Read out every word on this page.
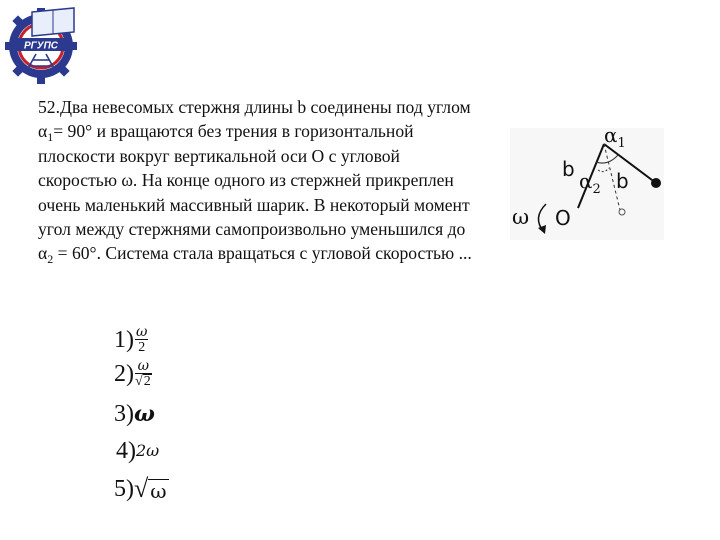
РГУПС

52.Два невесомых стержня длины b соединены под углом $\alpha_1= 90^\circ$ и вращаются без трения в горизонтальной плоскости вокруг вертикальной оси O с угловой скоростью ω. На конце одного из стержней прикреплен очень маленький массивный шарик. В некоторый момент угол между стержнями самопроизвольно уменьшился до $\alpha_2 = 60^\circ$. Система стала вращаться с угловой скоростью ...

$\alpha_1$
$\alpha_2$
b b
O
ω
$1) \frac{\omega}{2}$
$2) \frac{\omega}{√ 2}$
3) ω
4) 2ω
5) √ ω
